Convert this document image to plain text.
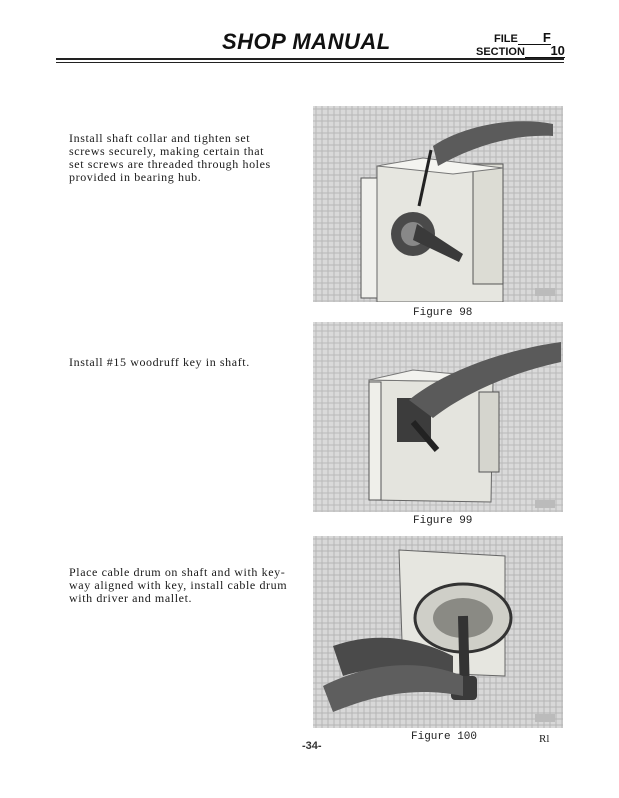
SHOP MANUAL	FILE F
SECTION 10
Install shaft collar and tighten set
screws securely, making certain that
set screws are threaded through holes
provided in bearing hub.
Figure 98
Install #15 woodruff key in shaft.
Figure 99
Place cable drum on shaft and with key-
way aligned with key, install cable drum
with driver and mallet.
Figure 100
-34-
Rl
